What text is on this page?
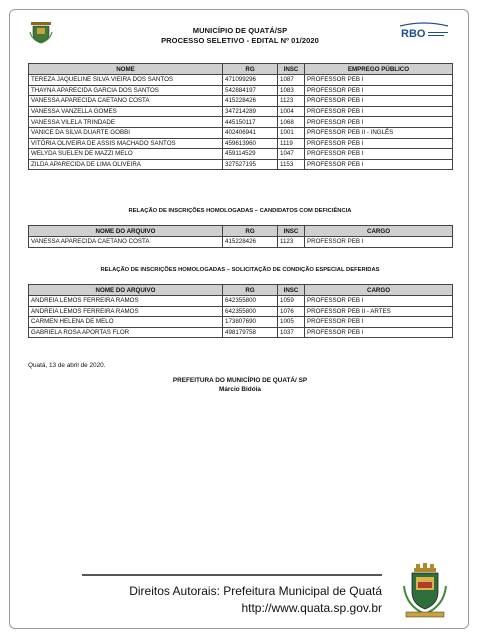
RBO
MUNICÍPIO DE QUATÁ/SP
PROCESSO SELETIVO - EDITAL Nº 01/2020
NOME	RG	INSC	EMPREGO PÚBLICO
TEREZA JAQUELINE SILVA VIEIRA DOS SANTOS	471099296	1087	PROFESSOR PEB I
THAYNA APARECIDA GARCIA DOS SANTOS	542884197	1083	PROFESSOR PEB I
VANESSA APARECIDA CAETANO COSTA	415228426	1123	PROFESSOR PEB I
VANESSA VANZELLA GOMES	347214289	1004	PROFESSOR PEB I
VANESSA VILELA TRINDADE	445150117	1068	PROFESSOR PEB I
VANICE DA SILVA DUARTE GOBBI	402406941	1001	PROFESSOR PEB II - INGLÊS
VITÓRIA OLIVEIRA DE ASSIS MACHADO SANTOS	459613960	1119	PROFESSOR PEB I
WELYDA SUELEN DE MAZZI MELO	459114529	1047	PROFESSOR PEB I
ZILDA APARECIDA DE LIMA OLIVEIRA	327527195	1153	PROFESSOR PEB I
RELAÇÃO DE INSCRIÇÕES HOMOLOGADAS – CANDIDATOS COM DEFICIÊNCIA
NOME DO ARQUIVO	RG	INSC	CARGO
VANESSA APARECIDA CAETANO COSTA	415228426	1123	PROFESSOR PEB I
RELAÇÃO DE INSCRIÇÕES HOMOLOGADAS – SOLICITAÇÃO DE CONDIÇÃO ESPECIAL DEFERIDAS
NOME DO ARQUIVO	RG	INSC	CARGO
ANDREIA LEMOS FERREIRA RAMOS	642355800	1059	PROFESSOR PEB I
ANDREIA LEMOS FERREIRA RAMOS	642355800	1076	PROFESSOR PEB II - ARTES
CARMEN HELENA DE MELO	173807690	1005	PROFESSOR PEB I
GABRIELA ROSA APORTAS FLOR	498179758	1037	PROFESSOR PEB I
Quatá, 13 de abril de 2020.
PREFEITURA DO MUNICÍPIO DE QUATÁ/ SP
Márcio Bidóia
Direitos Autorais: Prefeitura Municipal de Quatá
http://www.quata.sp.gov.br
